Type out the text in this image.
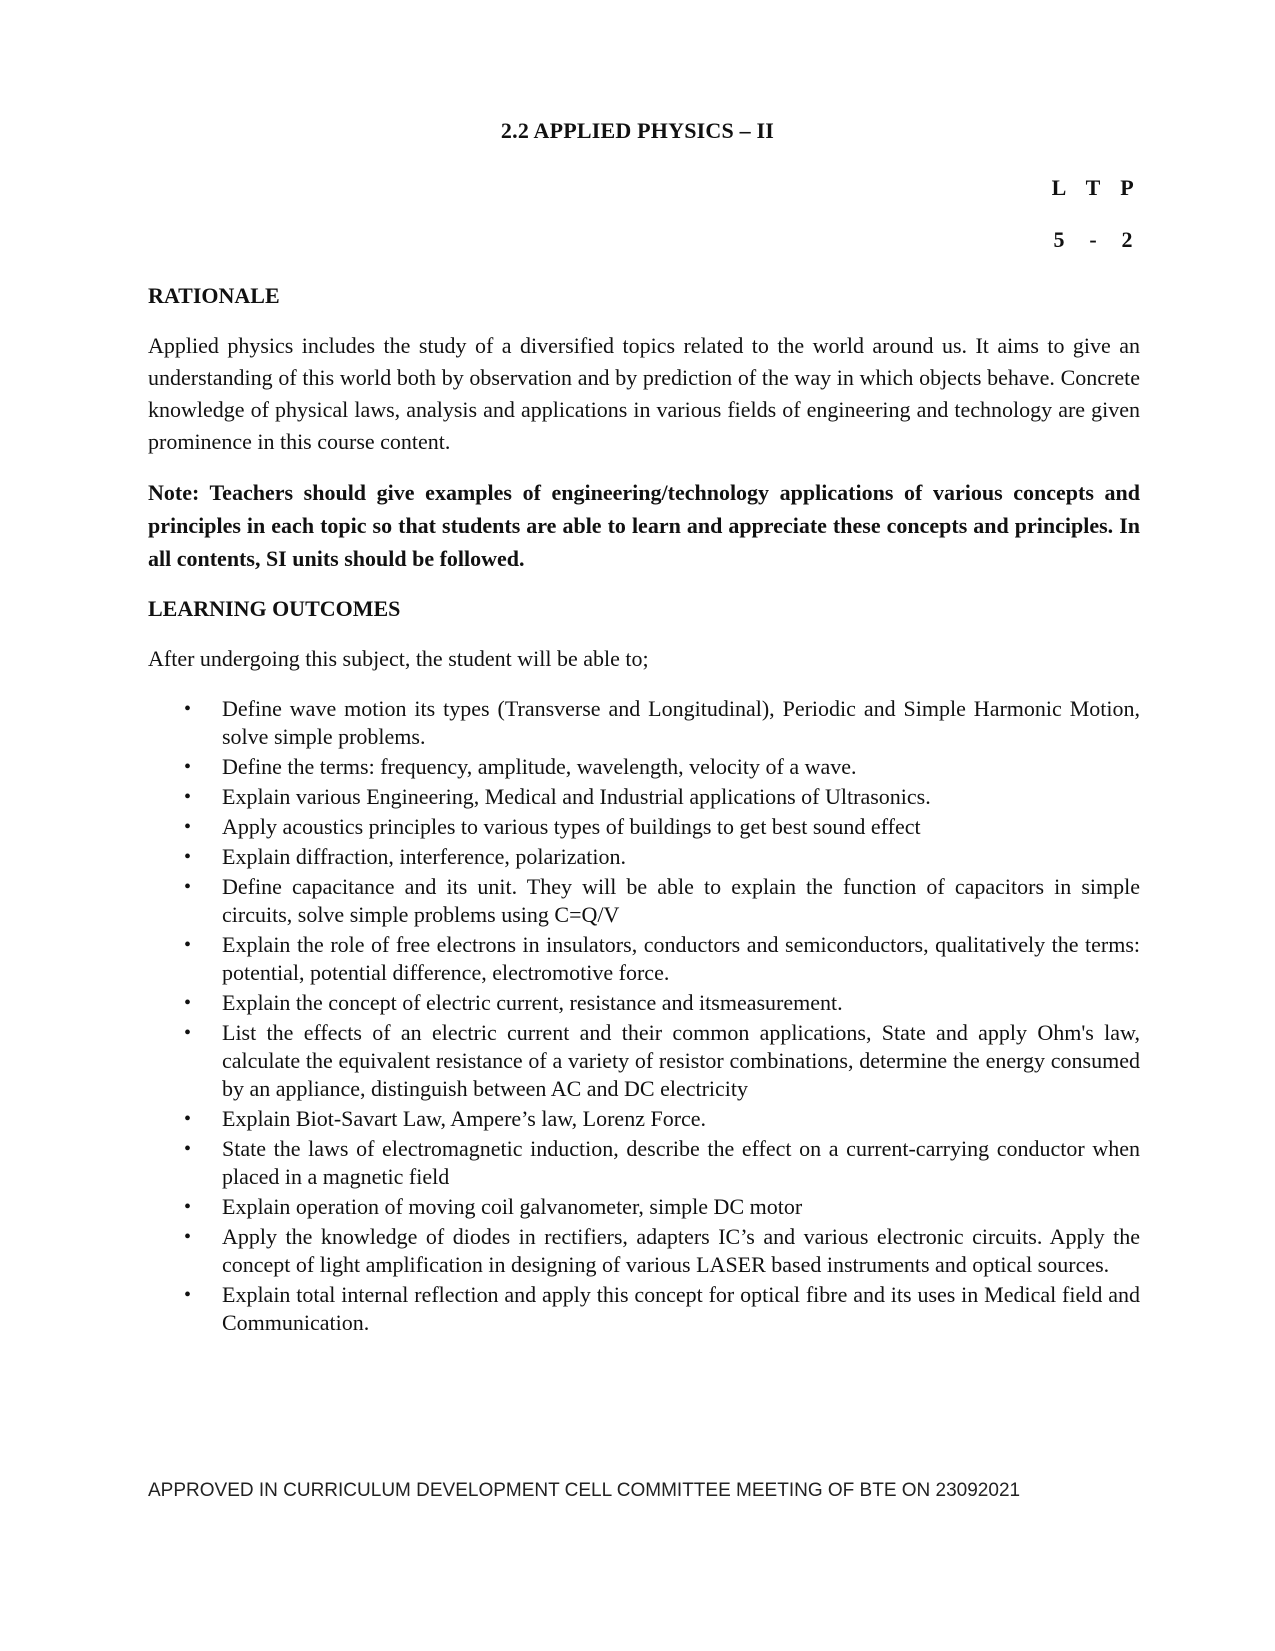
2.2 APPLIED PHYSICS – II
L T P
5	-	2

RATIONALE

Applied physics includes the study of a diversified topics related to the world around us. It aims to give an understanding of this world both by observation and by prediction of the way in which objects behave. Concrete knowledge of physical laws, analysis and applications in various fields of engineering and technology are given prominence in this course content.

Note: Teachers should give examples of engineering/technology applications of various concepts and principles in each topic so that students are able to learn and appreciate these concepts and principles. In all contents, SI units should be followed.

LEARNING OUTCOMES

After undergoing this subject, the student will be able to;

• Define wave motion its types (Transverse and Longitudinal), Periodic and Simple Harmonic Motion, solve simple problems.
• Define the terms: frequency, amplitude, wavelength, velocity of a wave.
• Explain various Engineering, Medical and Industrial applications of Ultrasonics.
• Apply acoustics principles to various types of buildings to get best sound effect
• Explain diffraction, interference, polarization.
• Define capacitance and its unit. They will be able to explain the function of capacitors in simple circuits, solve simple problems using C=Q/V
• Explain the role of free electrons in insulators, conductors and semiconductors, qualitatively the terms: potential, potential difference, electromotive force.
• Explain the concept of electric current, resistance and itsmeasurement.
• List the effects of an electric current and their common applications, State and apply Ohm's law, calculate the equivalent resistance of a variety of resistor combinations, determine the energy consumed by an appliance, distinguish between AC and DC electricity
• Explain Biot-Savart Law, Ampere’s law, Lorenz Force.
• State the laws of electromagnetic induction, describe the effect on a current-carrying conductor when placed in a magnetic field
• Explain operation of moving coil galvanometer, simple DC motor
• Apply the knowledge of diodes in rectifiers, adapters IC’s and various electronic circuits. Apply the concept of light amplification in designing of various LASER based instruments and optical sources.
• Explain total internal reflection and apply this concept for optical fibre and its uses in Medical field and Communication.
APPROVED IN CURRICULUM DEVELOPMENT CELL COMMITTEE MEETING OF BTE ON 23092021
